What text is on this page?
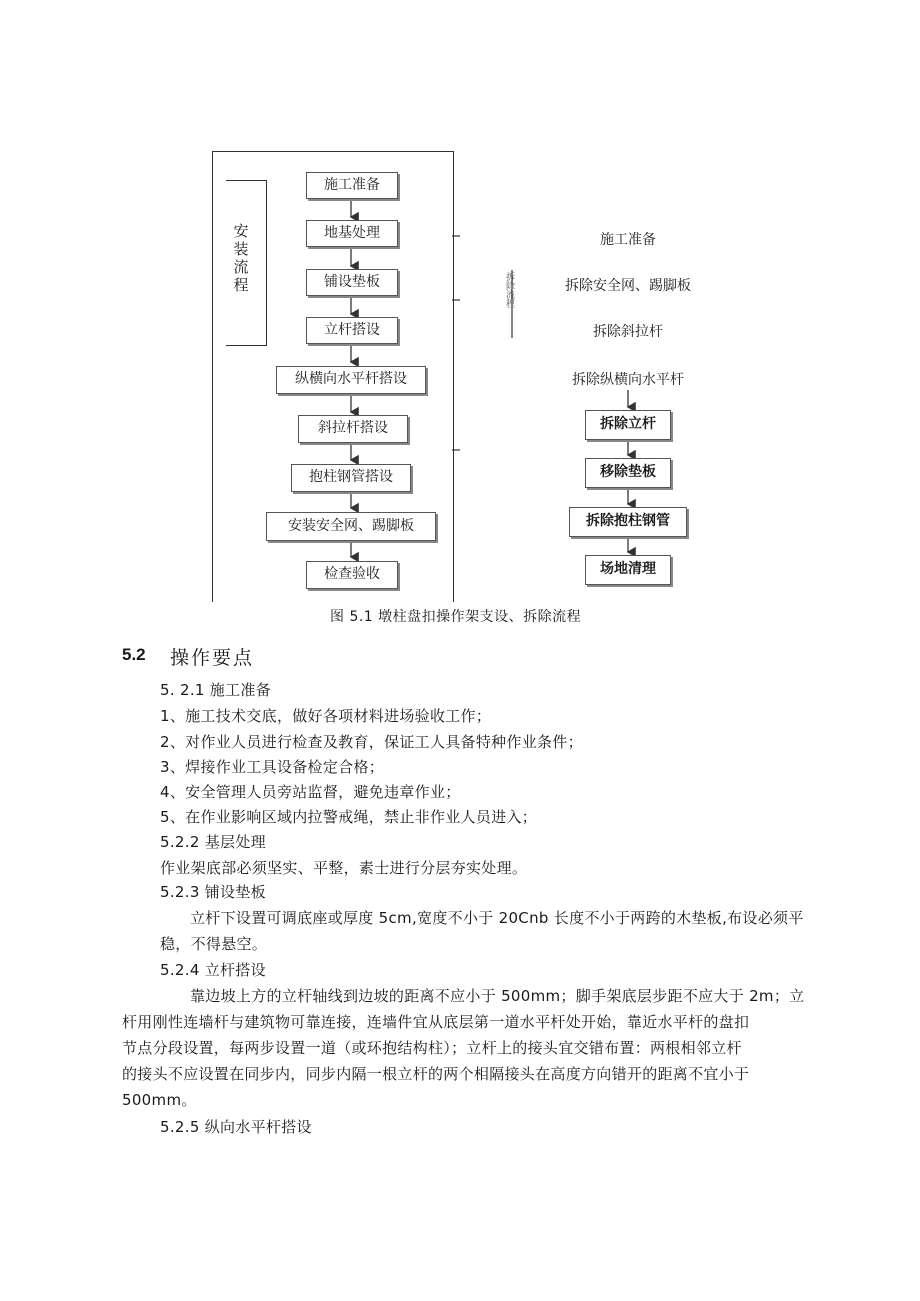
安装流程	拆除流程
施工准备
地基处理
铺设垫板
立杆搭设
纵横向水平杆搭设
斜拉杆搭设
抱柱钢管搭设
安装安全网、踢脚板
检查验收
施工准备
拆除安全网、踢脚板
拆除斜拉杆
拆除纵横向水平杆
拆除立杆
移除垫板
拆除抱柱钢管
场地清理
图 5.1 墩柱盘扣操作架支设、拆除流程
5.2 操作要点
5. 2.1 施工准备
1、施工技术交底，做好各项材料进场验收工作；
2、对作业人员进行检查及教育，保证工人具备特种作业条件；
3、焊接作业工具设备检定合格；
4、安全管理人员旁站监督，避免违章作业；
5、在作业影响区域内拉警戒绳，禁止非作业人员进入；
5.2.2 基层处理
作业架底部必须坚实、平整，素士进行分层夯实处理。
5.2.3 铺设垫板
立杆下设置可调底座或厚度 5cm,宽度不小于 20Cnb 长度不小于两跨的木垫板,布设必须平
稳，不得悬空。
5.2.4 立杆搭设
靠边坡上方的立杆轴线到边坡的距离不应小于 500mm；脚手架底层步距不应大于 2m；立
杆用刚性连墙杆与建筑物可靠连接，连墙件宜从底层第一道水平杆处开始，靠近水平杆的盘扣
节点分段设置，每两步设置一道（或环抱结构柱）；立杆上的接头宜交错布置：两根相邻立杆
的接头不应设置在同步内，同步内隔一根立杆的两个相隔接头在高度方向错开的距离不宜小于
500mm。
5.2.5 纵向水平杆搭设
